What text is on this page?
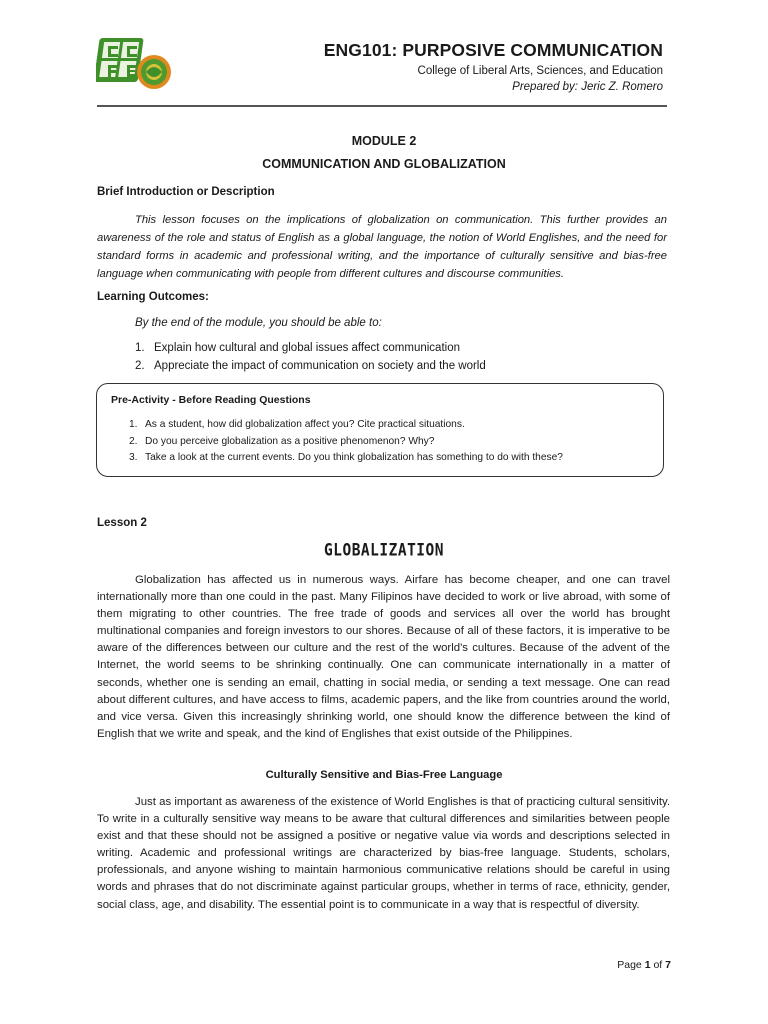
ENG101: PURPOSIVE COMMUNICATION
College of Liberal Arts, Sciences, and Education
Prepared by: Jeric Z. Romero
MODULE 2
COMMUNICATION AND GLOBALIZATION
Brief Introduction or Description

This lesson focuses on the implications of globalization on communication. This further provides an awareness of the role and status of English as a global language, the notion of World Englishes, and the need for standard forms in academic and professional writing, and the importance of culturally sensitive and bias-free language when communicating with people from different cultures and discourse communities.

Learning Outcomes:
By the end of the module, you should be able to:
1. Explain how cultural and global issues affect communication
2. Appreciate the impact of communication on society and the world
Pre-Activity - Before Reading Questions
1. As a student, how did globalization affect you? Cite practical situations.
2. Do you perceive globalization as a positive phenomenon? Why?
3. Take a look at the current events. Do you think globalization has something to do with these?
Lesson 2
GLOBALIZATION

Globalization has affected us in numerous ways. Airfare has become cheaper, and one can travel internationally more than one could in the past. Many Filipinos have decided to work or live abroad, with some of them migrating to other countries. The free trade of goods and services all over the world has brought multinational companies and foreign investors to our shores. Because of all of these factors, it is imperative to be aware of the differences between our culture and the rest of the world's cultures. Because of the advent of the Internet, the world seems to be shrinking continually. One can communicate internationally in a matter of seconds, whether one is sending an email, chatting in social media, or sending a text message. One can read about different cultures, and have access to films, academic papers, and the like from countries around the world, and vice versa. Given this increasingly shrinking world, one should know the difference between the kind of English that we write and speak, and the kind of Englishes that exist outside of the Philippines.

Culturally Sensitive and Bias-Free Language

Just as important as awareness of the existence of World Englishes is that of practicing cultural sensitivity. To write in a culturally sensitive way means to be aware that cultural differences and similarities between people exist and that these should not be assigned a positive or negative value via words and descriptions selected in writing. Academic and professional writings are characterized by bias-free language. Students, scholars, professionals, and anyone wishing to maintain harmonious communicative relations should be careful in using words and phrases that do not discriminate against particular groups, whether in terms of race, ethnicity, gender, social class, age, and disability. The essential point is to communicate in a way that is respectful of diversity.

Page 1 of 7
